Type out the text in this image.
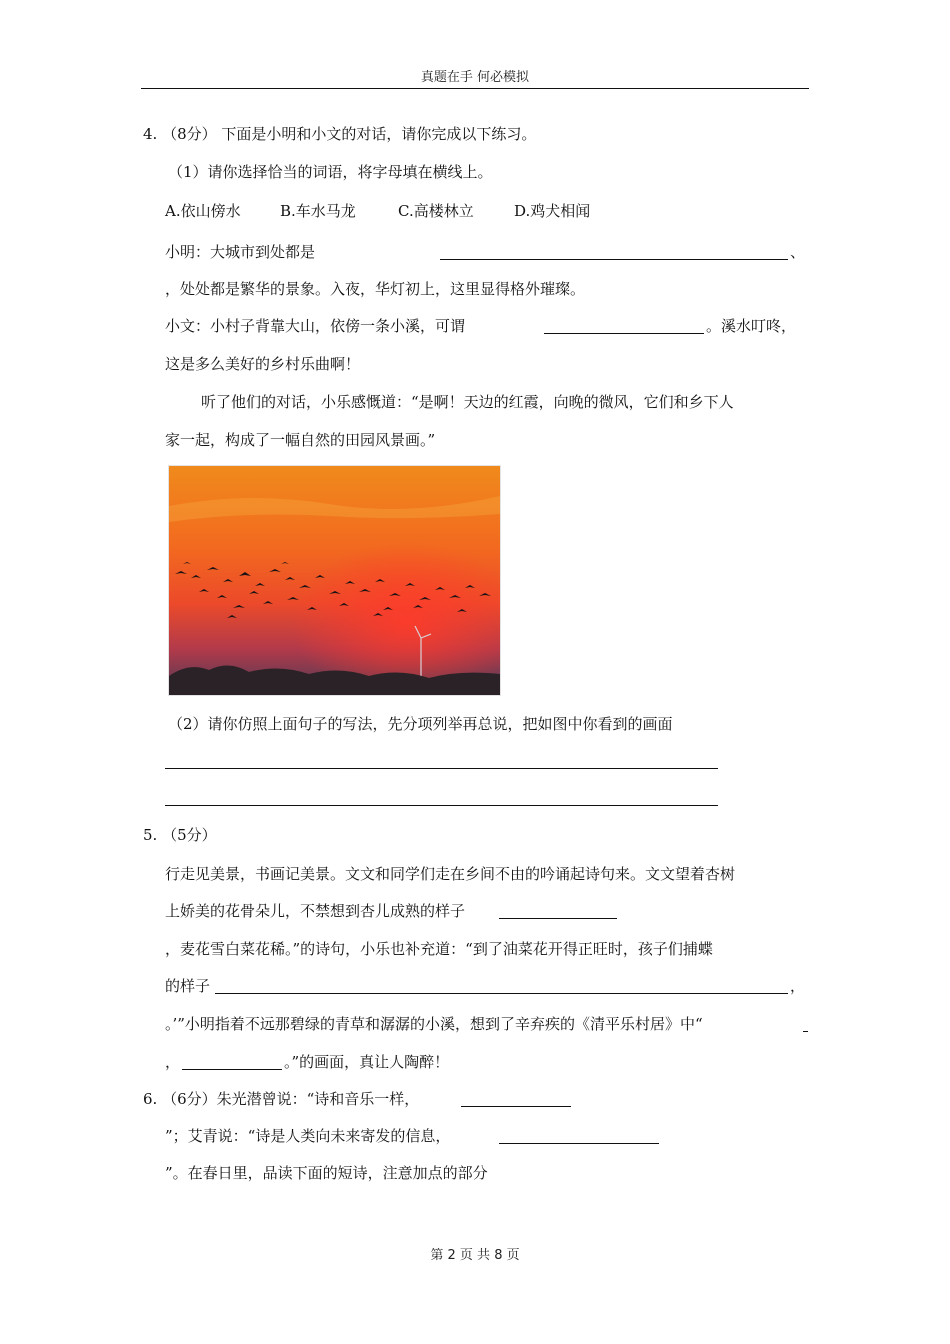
真题在手 何必模拟
4. （8分） 下面是小明和小文的对话，请你完成以下练习。
（1）请你选择恰当的词语，将字母填在横线上。
A.依山傍水	B.车水马龙	C.高楼林立	D.鸡犬相闻
小明：大城市到处都是	、
，处处都是繁华的景象。入夜，华灯初上，这里显得格外璀璨。
小文：小村子背靠大山，依傍一条小溪，可谓	。溪水叮咚，
这是多么美好的乡村乐曲啊！
听了他们的对话，小乐感慨道：“是啊！天边的红霞，向晚的微风，它们和乡下人
家一起，构成了一幅自然的田园风景画。”
（2）请你仿照上面句子的写法，先分项列举再总说，把如图中你看到的画面
5. （5分）
行走见美景，书画记美景。文文和同学们走在乡间不由的吟诵起诗句来。文文望着杏树
上娇美的花骨朵儿，不禁想到杏儿成熟的样子
，麦花雪白菜花稀。”的诗句，小乐也补充道：“到了油菜花开得正旺时，孩子们捕蝶
的样子	，
。’”小明指着不远那碧绿的青草和潺潺的小溪，想到了辛弃疾的《清平乐村居》中“
，	。”的画面，真让人陶醉！
6. （6分）朱光潜曾说：“诗和音乐一样，
”；艾青说：“诗是人类向未来寄发的信息，
”。在春日里，品读下面的短诗，注意加点的部分
第 2 页 共 8 页
